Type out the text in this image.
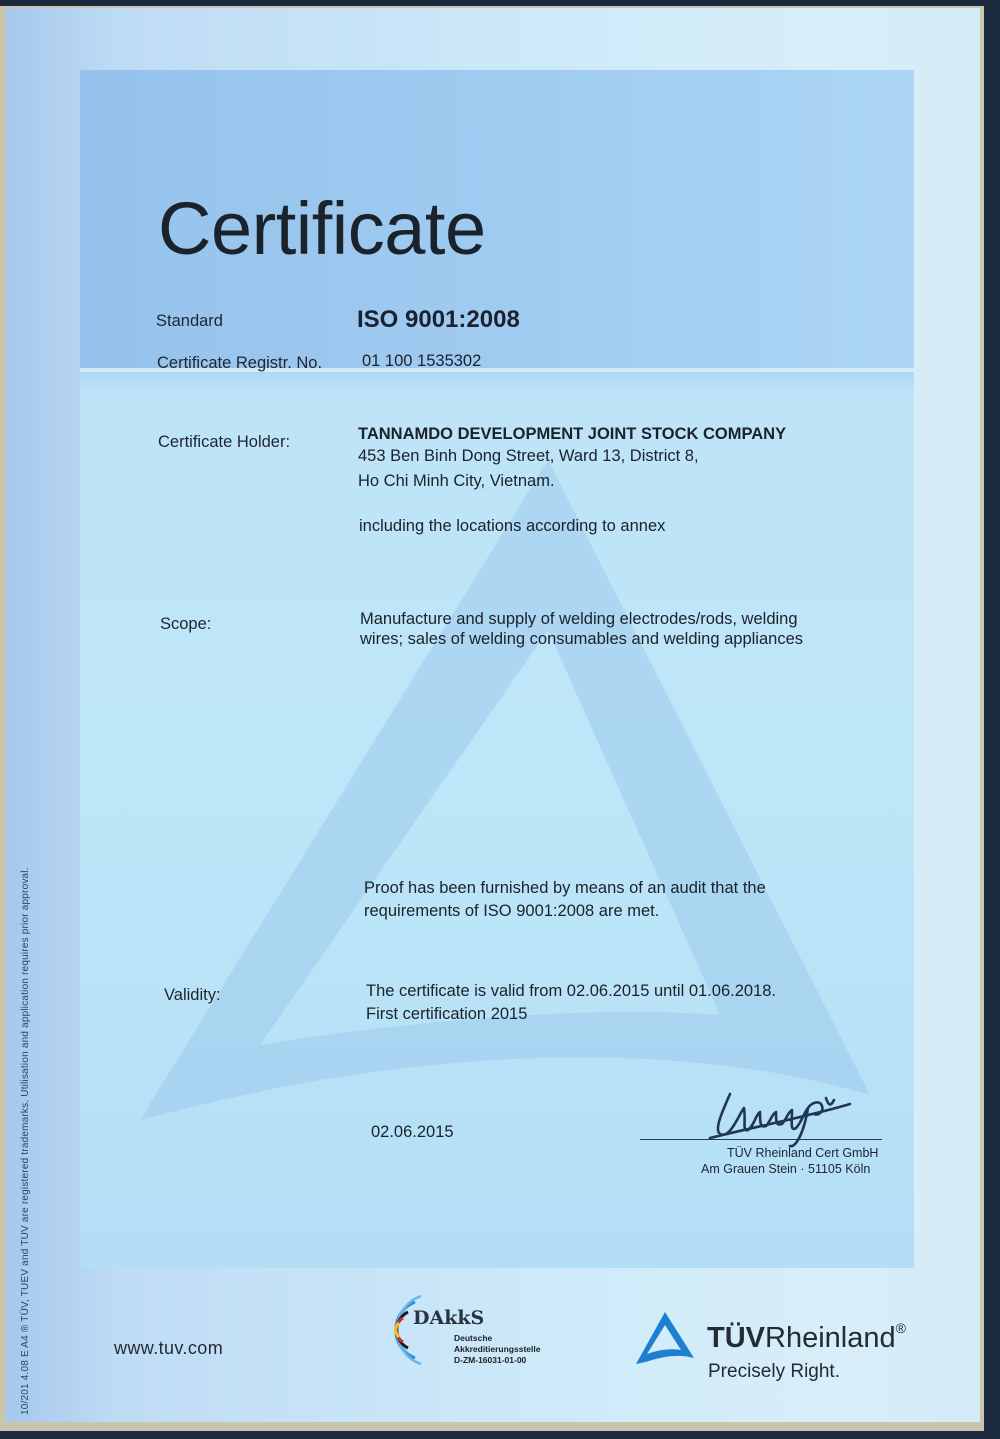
Certificate
Standard	ISO 9001:2008
Certificate Registr. No. 01 100 1535302
Certificate Holder:	TANNAMDO DEVELOPMENT JOINT STOCK COMPANY
453 Ben Binh Dong Street, Ward 13, District 8,
Ho Chi Minh City, Vietnam.
including the locations according to annex
Scope:	Manufacture and supply of welding electrodes/rods, welding
wires; sales of welding consumables and welding appliances
Proof has been furnished by means of an audit that the
requirements of ISO 9001:2008 are met.
Validity:	The certificate is valid from 02.06.2015 until 01.06.2018.
First certification 2015
02.06.2015
TÜV Rheinland Cert GmbH
Am Grauen Stein · 51105 Köln
www.tuv.com
DAkkS
Deutsche
Akkreditierungsstelle
D-ZM-16031-01-00
TÜVRheinland®
Precisely Right.
10/201 4.08 E A4 ® TÜV, TUEV and TUV are registered trademarks. Utilisation and application requires prior approval.
